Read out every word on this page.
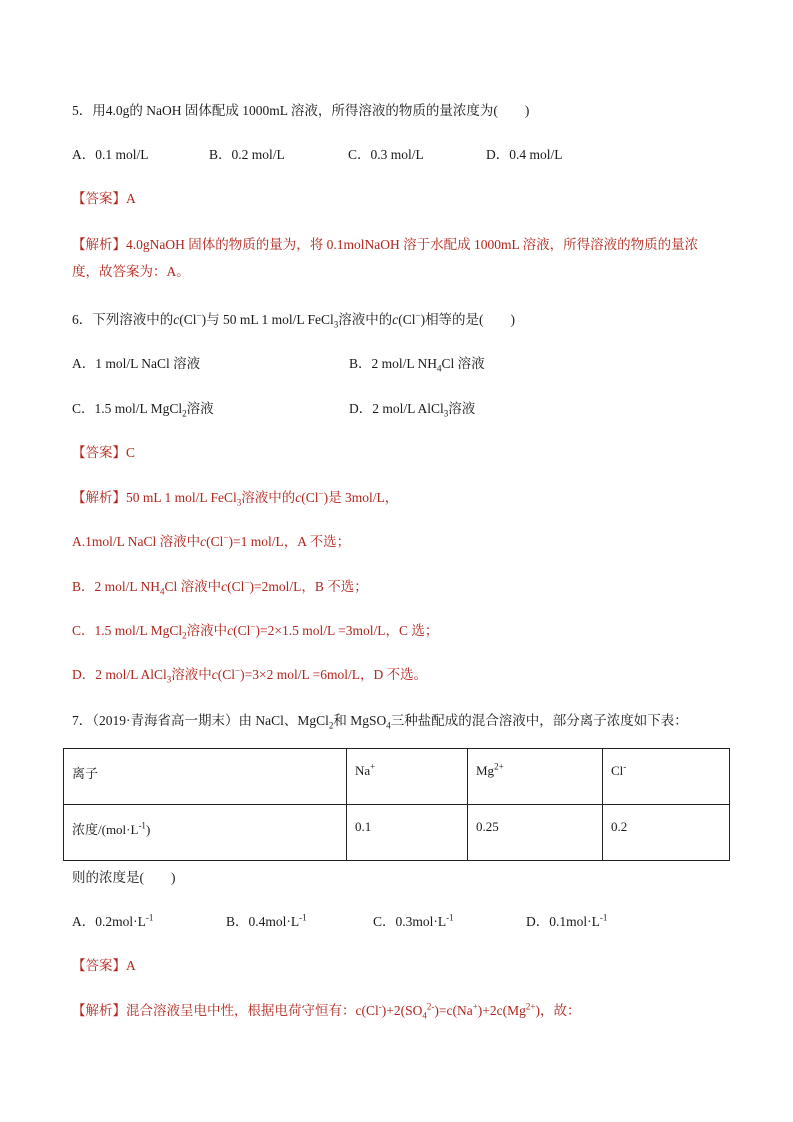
5．用4.0g的 NaOH 固体配成 1000mL 溶液，所得溶液的物质的量浓度为(　　)
A．0.1 mol/L	B．0.2 mol/L	C．0.3 mol/L	D．0.4 mol/L
【答案】A
【解析】4.0gNaOH 固体的物质的量为，将 0.1molNaOH 溶于水配成 1000mL 溶液，所得溶液的物质的量浓度，故答案为：A。
6．下列溶液中的c(Cl−)与 50 mL 1 mol/L FeCl$_3$溶液中的c(Cl−)相等的是(　　)
A．1 mol/L NaCl 溶液	B．2 mol/L $NH_4Cl$ 溶液
C．1.5 mol/L MgCl$_2$溶液	D．2 mol/L AlCl$_3$溶液
【答案】C
【解析】50 mL 1 mol/L FeCl$_3$溶液中的c(Cl−)是 3mol/L，
A.1mol/L NaCl 溶液中c(Cl−)=1 mol/L，A 不选；
B．2 mol/L $NH_4Cl$ 溶液中c(Cl−)=2mol/L，B 不选；
C．1.5 mol/L MgCl$_2$溶液中c(Cl−)=2×1.5 mol/L =3mol/L，C 选；
D．2 mol/L AlCl$_3$溶液中c(Cl−)=3×2 mol/L =6mol/L，D 不选。
7．（2019·青海省高一期末）由 NaCl、MgCl$_2$和 MgSO$_4$三种盐配成的混合溶液中，部分离子浓度如下表：
离子	Na+	$Mg^{2+}$	Cl-
浓度$/(mol\cdot L^{-1})$	0.1	0.25	0.2
则的浓度是(　　)
A．$0.2mol\cdot L^{-1}$	B．$0.4mol\cdot L^{-1}$	C．$0.3mol\cdot L^{-1}$	D．$0.1mol\cdot L^{-1}$
【答案】A
【解析】混合溶液呈电中性，根据电荷守恒有：$c(Cl^-)+2(SO_4^{2-})=c(Na^+)+2c(Mg^{2+})$，故：
